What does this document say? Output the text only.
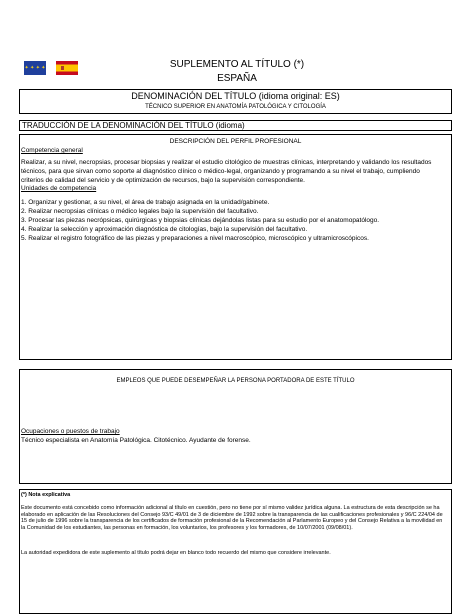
✦ ✦ ✦ ✦	SUPLEMENTO AL TÍTULO (*)
ESPAÑA
DENOMINACIÓN DEL TÍTULO (idioma original: ES)
TÉCNICO SUPERIOR EN ANATOMÍA PATOLÓGICA Y CITOLOGÍA
TRADUCCIÓN DE LA DENOMINACIÓN DEL TÍTULO (idioma)
DESCRIPCIÓN DEL PERFIL PROFESIONAL
Competencia general
Realizar, a su nivel, necropsias, procesar biopsias y realizar el estudio citológico de muestras clínicas, interpretando y validando los resultados técnicos, para que sirvan como soporte al diagnóstico clínico o médico-legal, organizando y programando a su nivel el trabajo, cumpliendo criterios de calidad del servicio y de optimización de recursos, bajo la supervisión correspondiente.
Unidades de competencia
1. Organizar y gestionar, a su nivel, el área de trabajo asignada en la unidad/gabinete.
2. Realizar necropsias clínicas o médico legales bajo la supervisión del facultativo.
3. Procesar las piezas necrópsicas, quirúrgicas y biopsias clínicas dejándolas listas para su estudio por el anatomopatólogo.
4. Realizar la selección y aproximación diagnóstica de citologías, bajo la supervisión del facultativo.
5. Realizar el registro fotográfico de las piezas y preparaciones a nivel macroscópico, microscópico y ultramicroscópicos.
EMPLEOS QUE PUEDE DESEMPEÑAR LA PERSONA PORTADORA DE ESTE TÍTULO
Ocupaciones o puestos de trabajo
Técnico especialista en Anatomía Patológica. Citotécnico. Ayudante de forense.
(*) Nota explicativa
Este documento está concebido como información adicional al título en cuestión, pero no tiene por sí mismo validez jurídica alguna. La estructura de esta descripción se ha elaborado en aplicación de las Resoluciones del Consejo 93/C 49/01 de 3 de diciembre de 1992 sobre la transparencia de las cualificaciones profesionales y 96/C 224/04 de 15 de julio de 1996 sobre la transparencia de los certificados de formación profesional de la Recomendación al Parlamento Europeo y del Consejo Relativa a la movilidad en la Comunidad de los estudiantes, las personas en formación, los voluntarios, los profesores y los formadores, de 10/07/2001 (09/08/01).
La autoridad expedidora de este suplemento al título podrá dejar en blanco todo recuerdo del mismo que considere irrelevante.
